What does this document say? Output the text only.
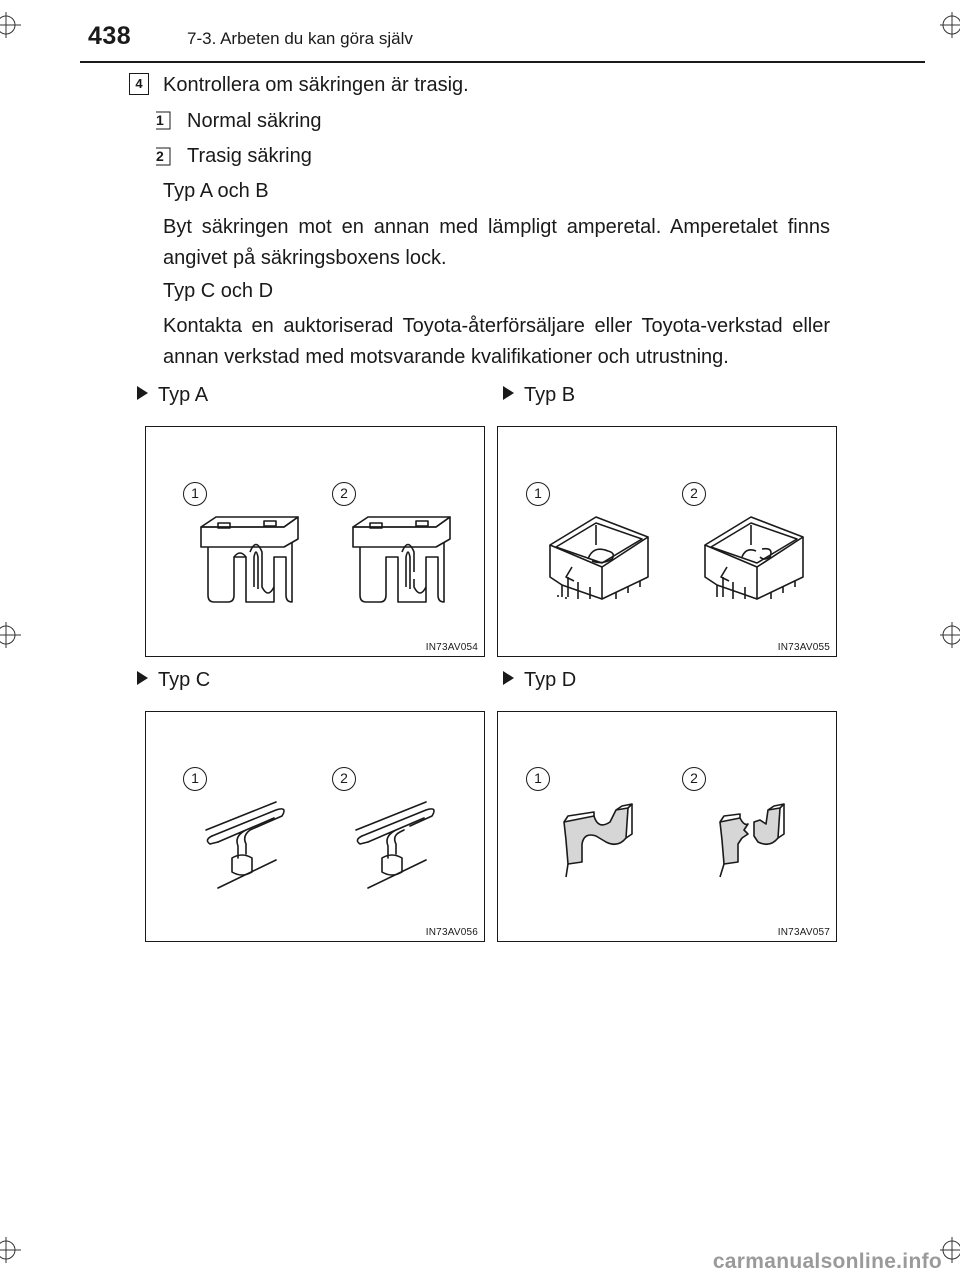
438	7-3. Arbeten du kan göra själv
4	Kontrollera om säkringen är trasig.
1 Normal säkring
2 Trasig säkring
Typ A och B
Byt säkringen mot en annan med lämpligt amperetal. Amperetalet finns angivet på säkringsboxens lock.
Typ C och D
Kontakta en auktoriserad Toyota-återförsäljare eller Toyota-verkstad eller annan verkstad med motsvarande kvalifikationer och utrustning.
Typ A	Typ B
Typ C	Typ D
1	2
IN73AV054
1	2
IN73AV055
1	2
IN73AV056
1	2
IN73AV057
carmanualsonline.info
